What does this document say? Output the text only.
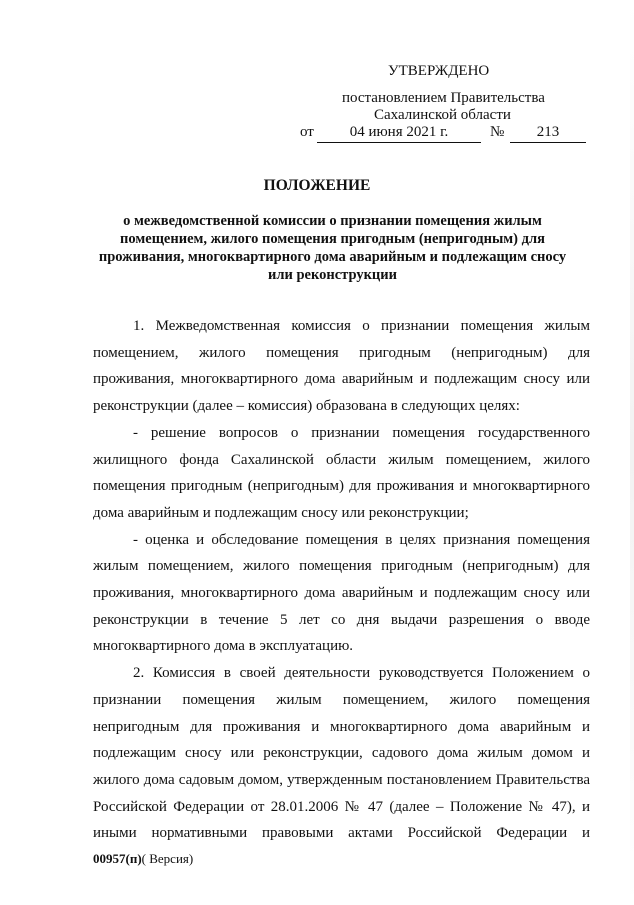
УТВЕРЖДЕНО
постановлением Правительства
Сахалинской области
от	04 июня 2021 г.	№	213
ПОЛОЖЕНИЕ
о межведомственной комиссии о признании помещения жилым помещением, жилого помещения пригодным (непригодным) для проживания, многоквартирного дома аварийным и подлежащим сносу или реконструкции

1. Межведомственная комиссия о признании помещения жилым помещением, жилого помещения пригодным (непригодным) для проживания, многоквартирного дома аварийным и подлежащим сносу или реконструкции (далее – комиссия) образована в следующих целях:

- решение вопросов о признании помещения государственного жилищного фонда Сахалинской области жилым помещением, жилого помещения пригодным (непригодным) для проживания и многоквартирного дома аварийным и подлежащим сносу или реконструкции;

- оценка и обследование помещения в целях признания помещения жилым помещением, жилого помещения пригодным (непригодным) для проживания, многоквартирного дома аварийным и подлежащим сносу или реконструкции в течение 5 лет со дня выдачи разрешения о вводе многоквартирного дома в эксплуатацию.

2. Комиссия в своей деятельности руководствуется Положением о признании помещения жилым помещением, жилого помещения непригодным для проживания и многоквартирного дома аварийным и подлежащим сносу или реконструкции, садового дома жилым домом и жилого дома садовым домом, утвержденным постановлением Правительства Российской Федерации от 28.01.2006 № 47 (далее – Положение № 47), и иными нормативными правовыми актами Российской Федерации и

00957(п)( Версия)
